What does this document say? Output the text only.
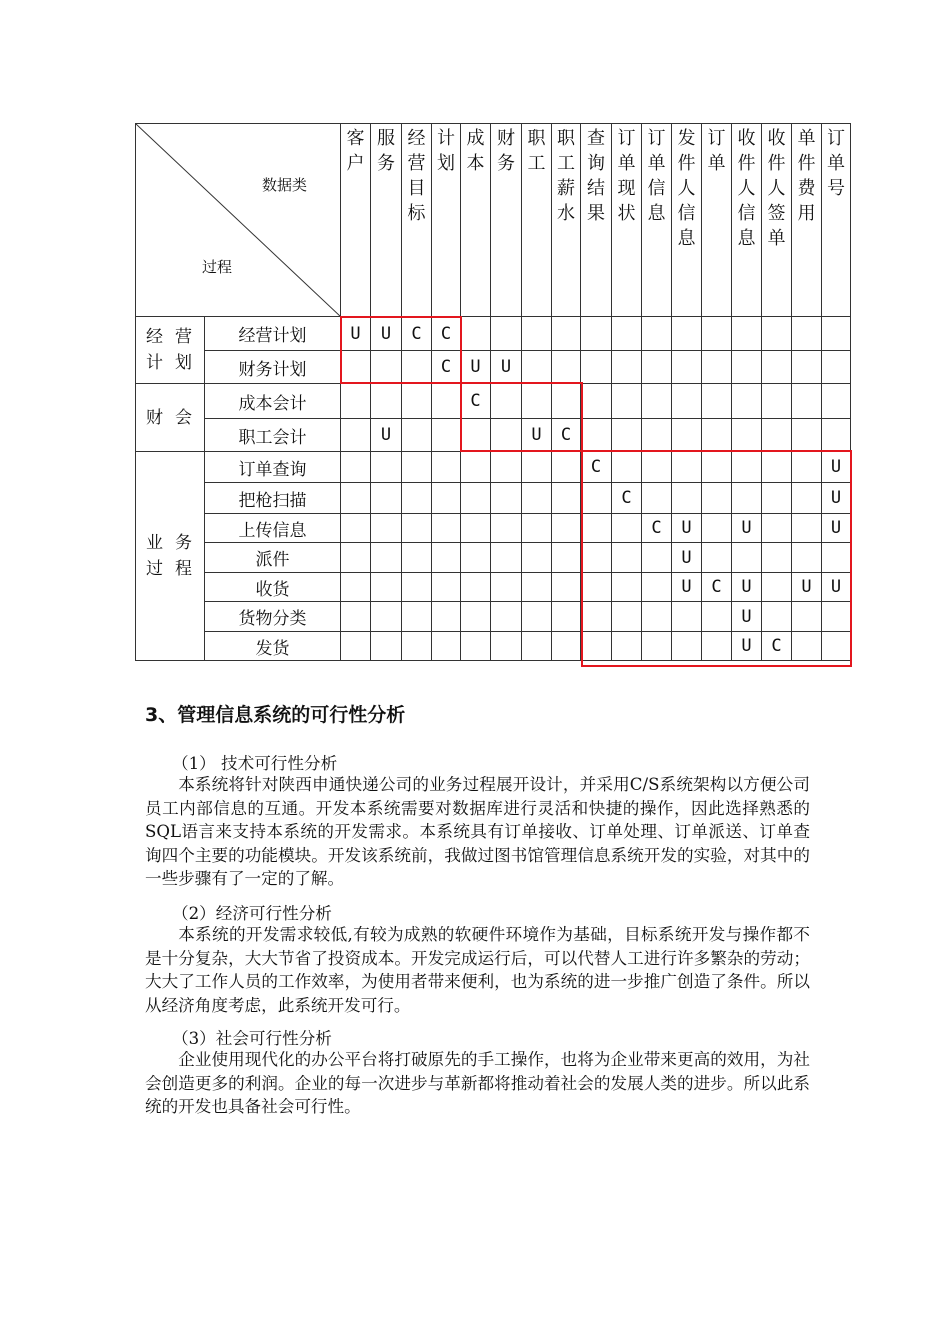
数据类
过程		客户	服务	经营目标	计划	成本	财务	职工	职工薪水	查询结果	订单现状	订单信息	发件人信息	订单	收件人信息	收件人签单	单件费用	订单号

经营计划	经营计划	U	U	C	C													
	财务计划				C	U	U											
财会	成本会计					C												
	职工会计		U					U	C									
业务过程	订单查询									C								U
	把枪扫描										C							U
	上传信息											C	U		U			U
	派件												U					
	收货												U	C	U		U	U
	货物分类														U			
	发货														U	C		
3、管理信息系统的可行性分析
（1） 技术可行性分析

本系统将针对陕西申通快递公司的业务过程展开设计，并采用C/S系统架构以方便公司员工内部信息的互通。开发本系统需要对数据库进行灵活和快捷的操作，因此选择熟悉的SQL语言来支持本系统的开发需求。本系统具有订单接收、订单处理、订单派送、订单查询四个主要的功能模块。开发该系统前，我做过图书馆管理信息系统开发的实验，对其中的一些步骤有了一定的了解。

（2）经济可行性分析

本系统的开发需求较低,有较为成熟的软硬件环境作为基础，目标系统开发与操作都不是十分复杂，大大节省了投资成本。开发完成运行后，可以代替人工进行许多繁杂的劳动；大大了工作人员的工作效率，为使用者带来便利，也为系统的进一步推广创造了条件。所以从经济角度考虑，此系统开发可行。

（3）社会可行性分析

企业使用现代化的办公平台将打破原先的手工操作，也将为企业带来更高的效用，为社会创造更多的利润。企业的每一次进步与革新都将推动着社会的发展人类的进步。所以此系统的开发也具备社会可行性。
